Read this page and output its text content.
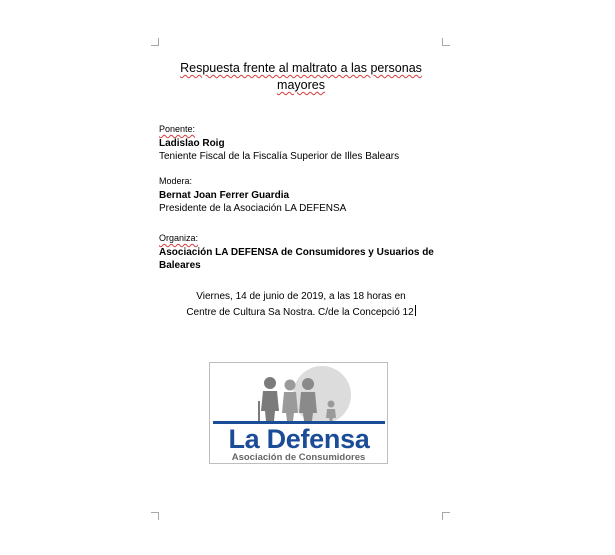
Respuesta frente al maltrato a las personas
mayores
Ponente:
Ladislao Roig
Teniente Fiscal de la Fiscalía Superior de Illes Balears
Modera:
Bernat Joan Ferrer Guardia
Presidente de la Asociación LA DEFENSA
Organiza:
Asociación LA DEFENSA de Consumidores y Usuarios de
Baleares
Viernes, 14 de junio de 2019, a las 18 horas en
Centre de Cultura Sa Nostra. C/de la Concepció 12
La Defensa
Asociación de Consumidores
